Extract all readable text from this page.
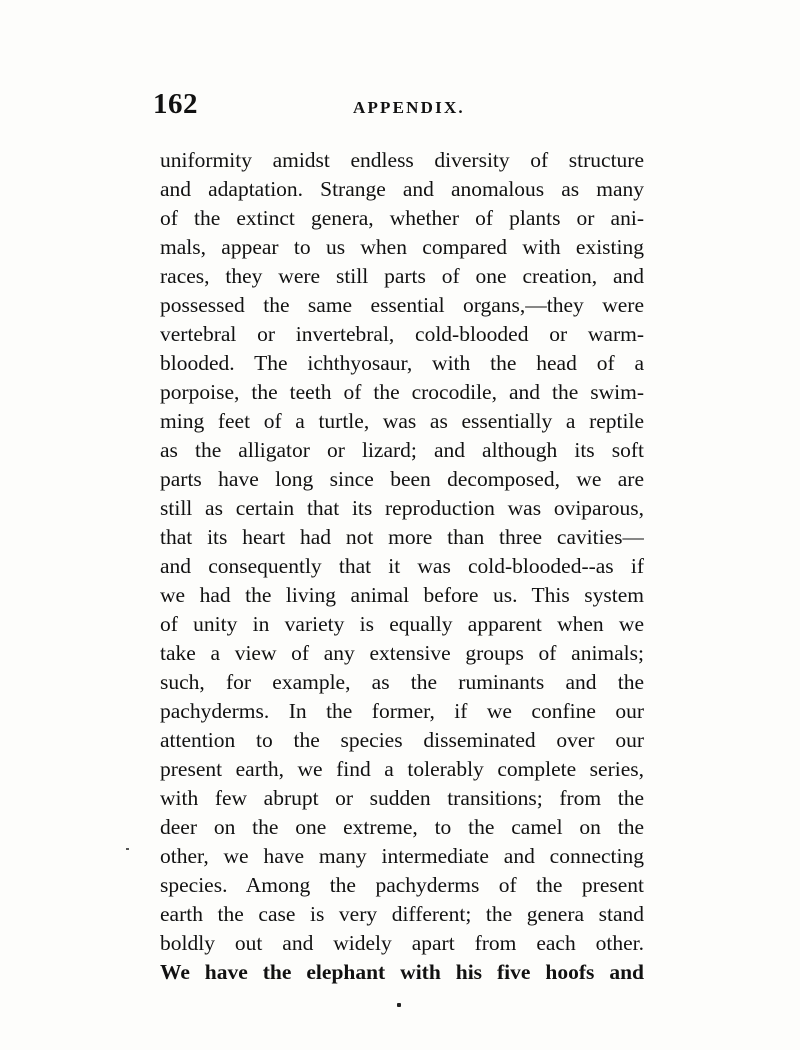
162	APPENDIX.
uniformity amidst endless diversity of structure
and adaptation. Strange and anomalous as many
of the extinct genera, whether of plants or ani-
mals, appear to us when compared with existing
races, they were still parts of one creation, and
possessed the same essential organs,—they were
vertebral or invertebral, cold-blooded or warm-
blooded. The ichthyosaur, with the head of a
porpoise, the teeth of the crocodile, and the swim-
ming feet of a turtle, was as essentially a reptile
as the alligator or lizard; and although its soft
parts have long since been decomposed, we are
still as certain that its reproduction was oviparous,
that its heart had not more than three cavities—
and consequently that it was cold-blooded--as if
we had the living animal before us. This system
of unity in variety is equally apparent when we
take a view of any extensive groups of animals;
such, for example, as the ruminants and the
pachyderms. In the former, if we confine our
attention to the species disseminated over our
present earth, we find a tolerably complete series,
with few abrupt or sudden transitions; from the
deer on the one extreme, to the camel on the
other, we have many intermediate and connecting
species. Among the pachyderms of the present
earth the case is very different; the genera stand
boldly out and widely apart from each other.
We have the elephant with his five hoofs and
